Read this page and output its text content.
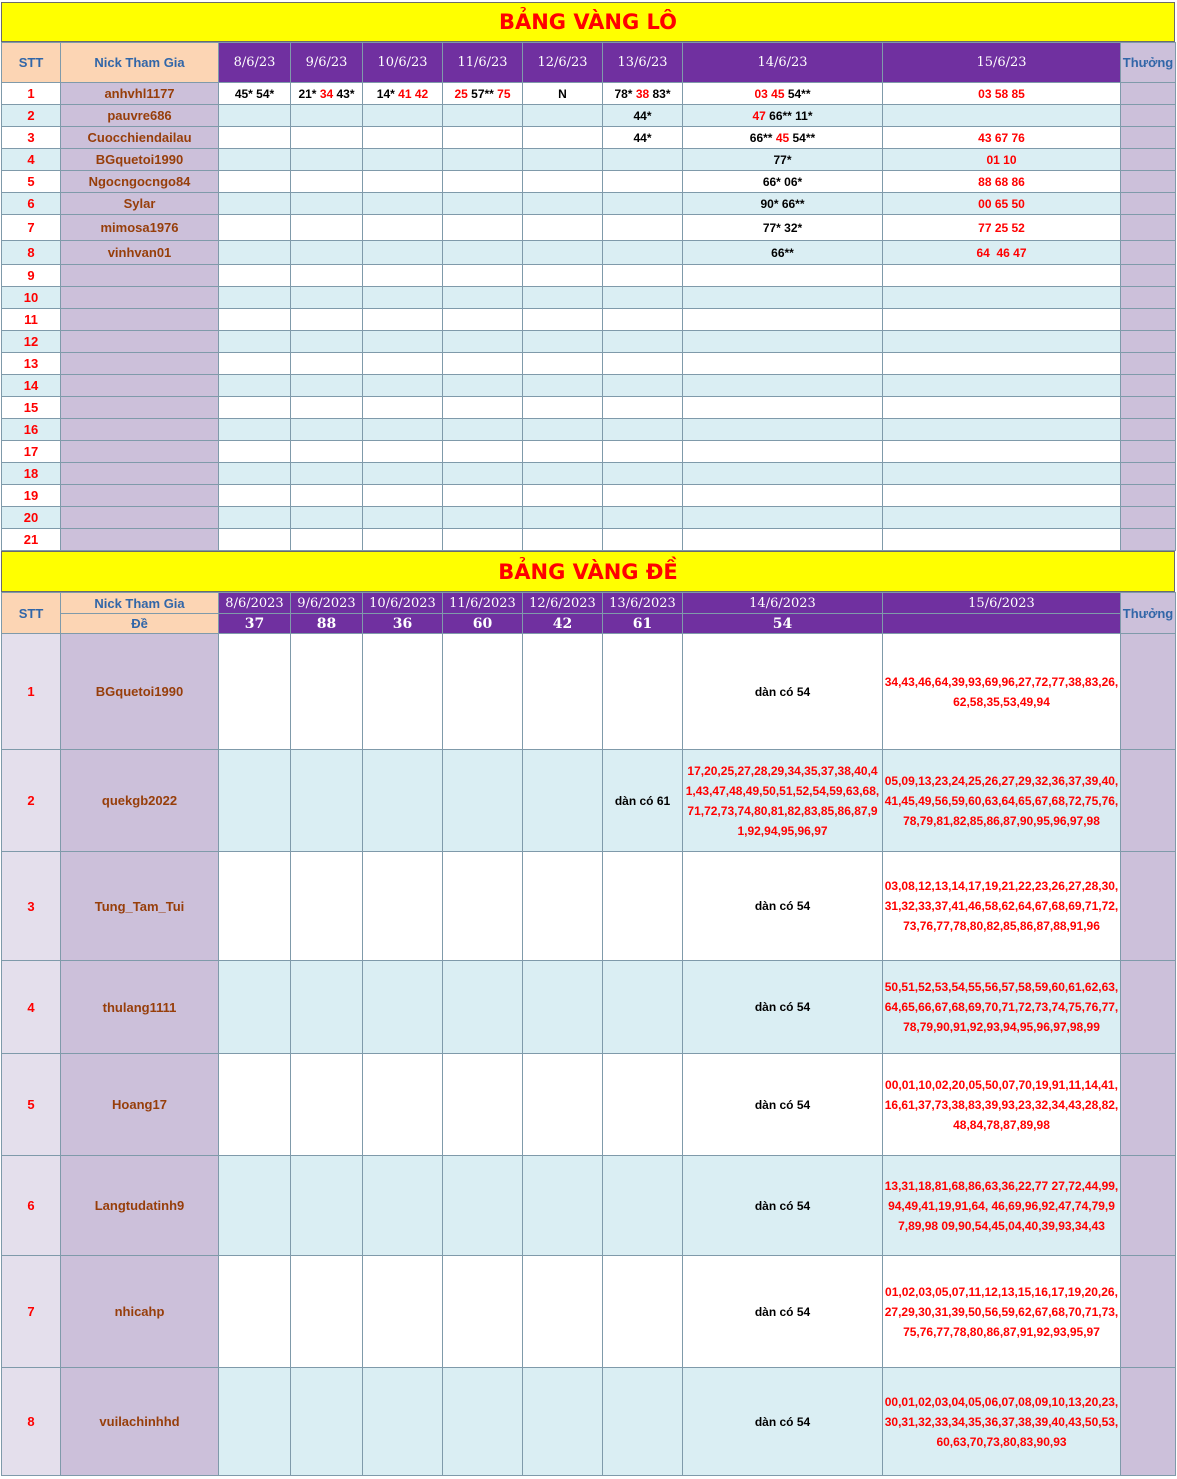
BẢNG VÀNG LÔ
STT	Nick Tham Gia	8/6/23	9/6/23	10/6/23	11/6/23	12/6/23	13/6/23	14/6/23	15/6/23	Thưởng
1	anhvhl1177	45* 54*	21* 34 43*	14* 41 42	25 57** 75	N	78* 38 83*	03 45 54**	03 58 85	
2	pauvre686						44*	47 66** 11*		
3	Cuocchiendailau						44*	66** 45 54**	43 67 76	
4	BGquetoi1990							77*	01 10	
5	Ngocngocngo84							66* 06*	88 68 86	
6	Sylar							90* 66**	00 65 50	
7	mimosa1976							77* 32*	77 25 52	
8	vinhvan01							66**	64  46 47	
9										
10										
11										
12										
13										
14										
15										
16										
17										
18										
19										
20										
21										
BẢNG VÀNG ĐỀ
STT	Nick Tham Gia	8/6/2023	9/6/2023	10/6/2023	11/6/2023	12/6/2023	13/6/2023	14/6/2023	15/6/2023	Thưởng
	Đề	37	88	36	60	42	61	54		
1	BGquetoi1990							dàn có 54	34,43,46,64,39,93,69,96,27,72,77,38,83,26,62,58,35,53,49,94	
2	quekgb2022						dàn có 61	17,20,25,27,28,29,34,35,37,38,40,41,43,47,48,49,50,51,52,54,59,63,68,71,72,73,74,80,81,82,83,85,86,87,91,92,94,95,96,97	05,09,13,23,24,25,26,27,29,32,36,37,39,40,41,45,49,56,59,60,63,64,65,67,68,72,75,76,78,79,81,82,85,86,87,90,95,96,97,98	
3	Tung_Tam_Tui							dàn có 54	03,08,12,13,14,17,19,21,22,23,26,27,28,30,31,32,33,37,41,46,58,62,64,67,68,69,71,72,73,76,77,78,80,82,85,86,87,88,91,96	
4	thulang1111							dàn có 54	50,51,52,53,54,55,56,57,58,59,60,61,62,63,64,65,66,67,68,69,70,71,72,73,74,75,76,77,78,79,90,91,92,93,94,95,96,97,98,99	
5	Hoang17							dàn có 54	00,01,10,02,20,05,50,07,70,19,91,11,14,41,16,61,37,73,38,83,39,93,23,32,34,43,28,82,48,84,78,87,89,98	
6	Langtudatinh9							dàn có 54	13,31,18,81,68,86,63,36,22,77 27,72,44,99,94,49,41,19,91,64, 46,69,96,92,47,74,79,97,89,98 09,90,54,45,04,40,39,93,34,43	
7	nhicahp							dàn có 54	01,02,03,05,07,11,12,13,15,16,17,19,20,26,27,29,30,31,39,50,56,59,62,67,68,70,71,73,75,76,77,78,80,86,87,91,92,93,95,97	
8	vuilachinhhd							dàn có 54	00,01,02,03,04,05,06,07,08,09,10,13,20,23,30,31,32,33,34,35,36,37,38,39,40,43,50,53,60,63,70,73,80,83,90,93	
